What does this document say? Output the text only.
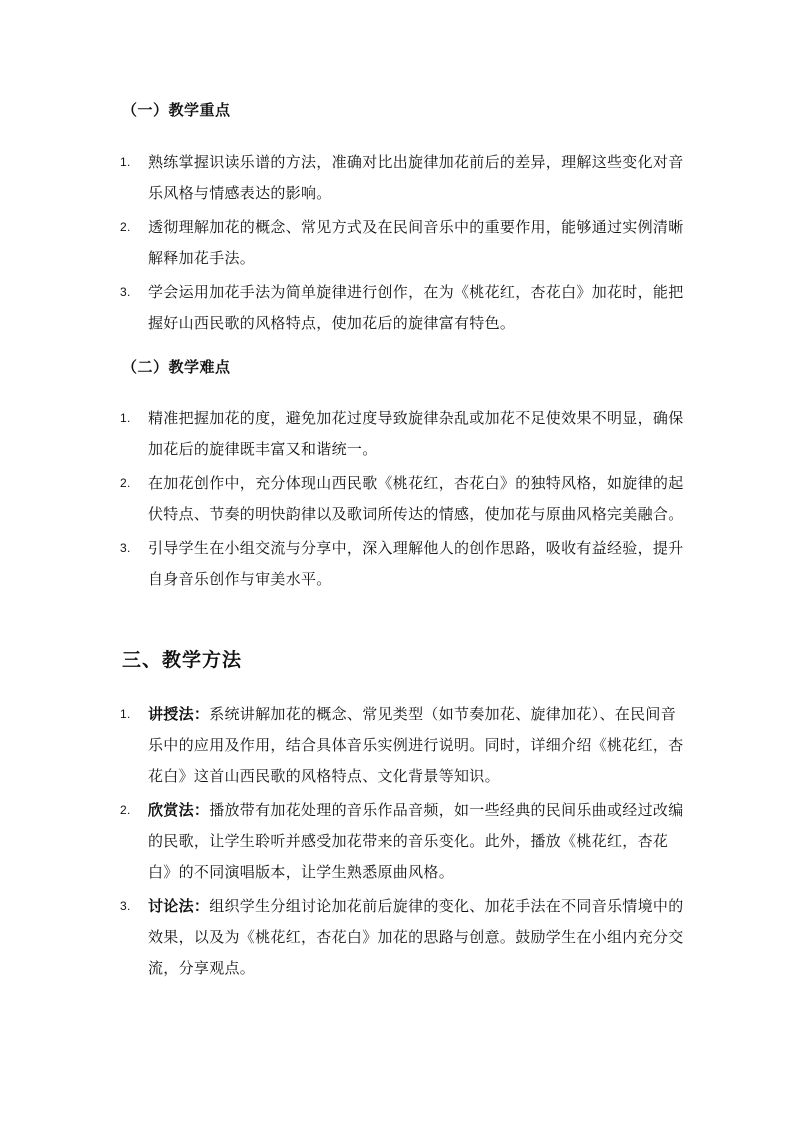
（一）教学重点
1. 熟练掌握识读乐谱的方法，准确对比出旋律加花前后的差异，理解这些变化对音乐风格与情感表达的影响。
2. 透彻理解加花的概念、常见方式及在民间音乐中的重要作用，能够通过实例清晰解释加花手法。
3. 学会运用加花手法为简单旋律进行创作，在为《桃花红，杏花白》加花时，能把握好山西民歌的风格特点，使加花后的旋律富有特色。
（二）教学难点
1. 精准把握加花的度，避免加花过度导致旋律杂乱或加花不足使效果不明显，确保加花后的旋律既丰富又和谐统一。
2. 在加花创作中，充分体现山西民歌《桃花红，杏花白》的独特风格，如旋律的起伏特点、节奏的明快韵律以及歌词所传达的情感，使加花与原曲风格完美融合。
3. 引导学生在小组交流与分享中，深入理解他人的创作思路，吸收有益经验，提升自身音乐创作与审美水平。
三、教学方法
1. 讲授法：系统讲解加花的概念、常见类型（如节奏加花、旋律加花）、在民间音乐中的应用及作用，结合具体音乐实例进行说明。同时，详细介绍《桃花红，杏花白》这首山西民歌的风格特点、文化背景等知识。
2. 欣赏法：播放带有加花处理的音乐作品音频，如一些经典的民间乐曲或经过改编的民歌，让学生聆听并感受加花带来的音乐变化。此外，播放《桃花红，杏花白》的不同演唱版本，让学生熟悉原曲风格。
3. 讨论法：组织学生分组讨论加花前后旋律的变化、加花手法在不同音乐情境中的效果，以及为《桃花红，杏花白》加花的思路与创意。鼓励学生在小组内充分交流，分享观点。
